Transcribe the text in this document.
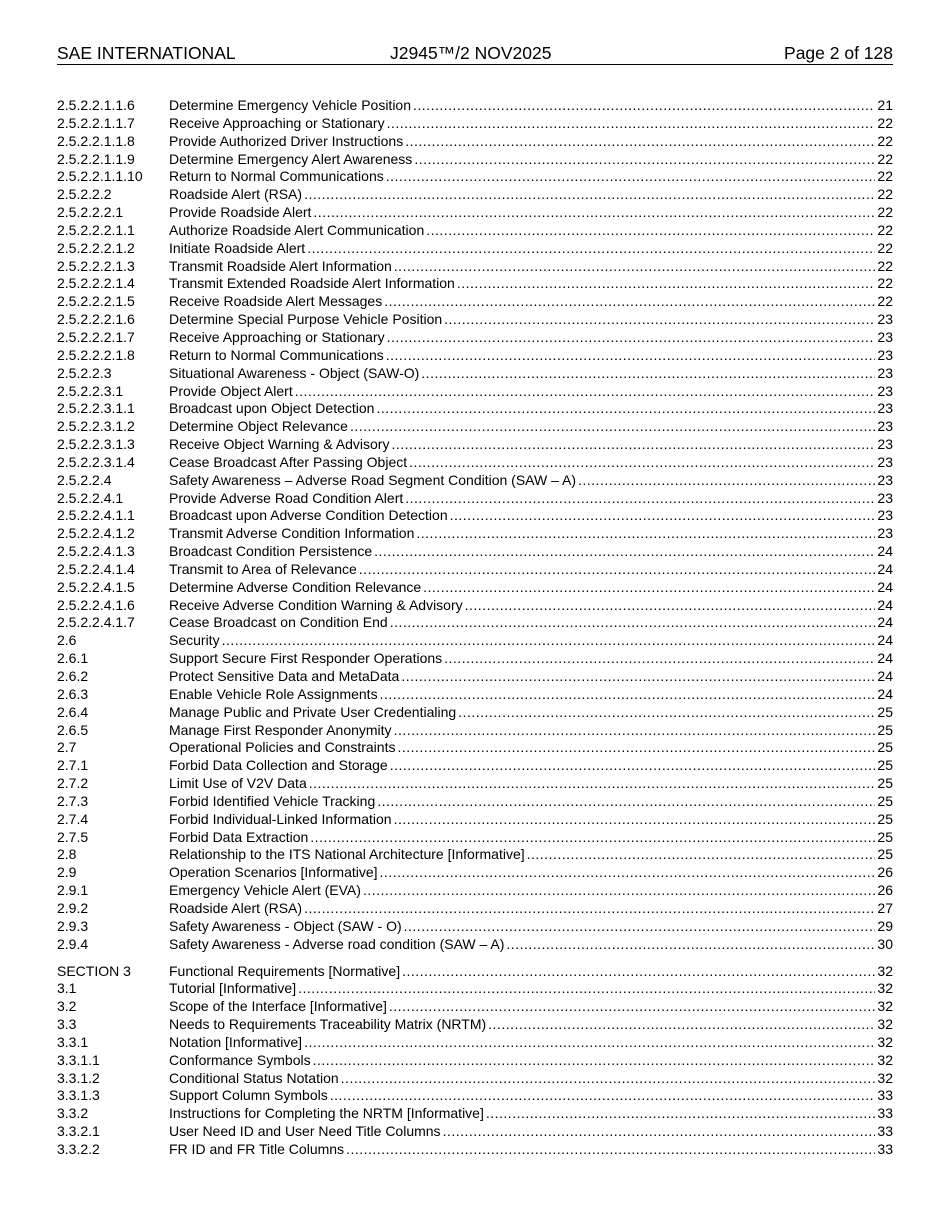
SAE INTERNATIONAL	J2945™/2 NOV2025	Page 2 of 128
2.5.2.2.1.1.6 Determine Emergency Vehicle Position .....	21
2.5.2.2.1.1.7 Receive Approaching or Stationary .....	22
2.5.2.2.1.1.8 Provide Authorized Driver Instructions .....	22
2.5.2.2.1.1.9 Determine Emergency Alert Awareness .....	22
2.5.2.2.1.1.10 Return to Normal Communications .....	22
2.5.2.2.2	Roadside Alert (RSA) .....	22
2.5.2.2.2.1	Provide Roadside Alert .....	22
2.5.2.2.2.1.1 Authorize Roadside Alert Communication .....	22
2.5.2.2.2.1.2 Initiate Roadside Alert .....	22
2.5.2.2.2.1.3 Transmit Roadside Alert Information .....	22
2.5.2.2.2.1.4 Transmit Extended Roadside Alert Information .....	22
2.5.2.2.2.1.5 Receive Roadside Alert Messages .....	22
2.5.2.2.2.1.6 Determine Special Purpose Vehicle Position .....	23
2.5.2.2.2.1.7 Receive Approaching or Stationary .....	23
2.5.2.2.2.1.8 Return to Normal Communications .....	23
2.5.2.2.3	Situational Awareness - Object (SAW-O) .....	23
2.5.2.2.3.1	Provide Object Alert .....	23
2.5.2.2.3.1.1 Broadcast upon Object Detection .....	23
2.5.2.2.3.1.2 Determine Object Relevance .....	23
2.5.2.2.3.1.3 Receive Object Warning & Advisory .....	23
2.5.2.2.3.1.4 Cease Broadcast After Passing Object .....	23
2.5.2.2.4	Safety Awareness – Adverse Road Segment Condition (SAW – A) .....	23
2.5.2.2.4.1	Provide Adverse Road Condition Alert .....	23
2.5.2.2.4.1.1 Broadcast upon Adverse Condition Detection .....	23
2.5.2.2.4.1.2 Transmit Adverse Condition Information .....	23
2.5.2.2.4.1.3 Broadcast Condition Persistence .....	24
2.5.2.2.4.1.4 Transmit to Area of Relevance .....	24
2.5.2.2.4.1.5 Determine Adverse Condition Relevance .....	24
2.5.2.2.4.1.6 Receive Adverse Condition Warning & Advisory .....	24
2.5.2.2.4.1.7 Cease Broadcast on Condition End .....	24
2.6	Security .....	24
2.6.1	Support Secure First Responder Operations .....	24
2.6.2	Protect Sensitive Data and MetaData .....	24
2.6.3	Enable Vehicle Role Assignments .....	24
2.6.4	Manage Public and Private User Credentialing .....	25
2.6.5	Manage First Responder Anonymity .....	25
2.7	Operational Policies and Constraints .....	25
2.7.1	Forbid Data Collection and Storage .....	25
2.7.2	Limit Use of V2V Data .....	25
2.7.3	Forbid Identified Vehicle Tracking .....	25
2.7.4	Forbid Individual-Linked Information .....	25
2.7.5	Forbid Data Extraction .....	25
2.8	Relationship to the ITS National Architecture [Informative] .....	25
2.9	Operation Scenarios [Informative] .....	26
2.9.1	Emergency Vehicle Alert (EVA) .....	26
2.9.2	Roadside Alert (RSA) .....	27
2.9.3	Safety Awareness - Object (SAW - O) .....	29
2.9.4	Safety Awareness - Adverse road condition (SAW – A) .....	30
SECTION 3	Functional Requirements [Normative] .....	32
3.1	Tutorial [Informative] .....	32
3.2	Scope of the Interface [Informative] .....	32
3.3	Needs to Requirements Traceability Matrix (NRTM) .....	32
3.3.1	Notation [Informative] .....	32
3.3.1.1	Conformance Symbols .....	32
3.3.1.2	Conditional Status Notation .....	32
3.3.1.3	Support Column Symbols .....	33
3.3.2	Instructions for Completing the NRTM [Informative] .....	33
3.3.2.1	User Need ID and User Need Title Columns .....	33
3.3.2.2	FR ID and FR Title Columns .....	33
